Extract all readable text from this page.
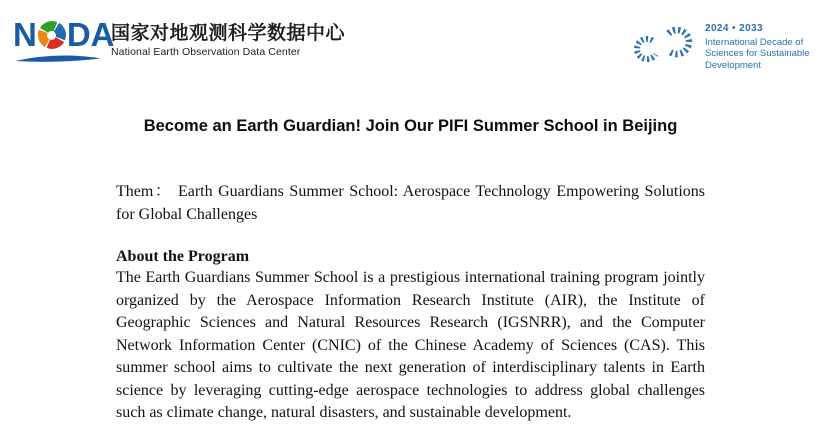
N DA
国家对地观测科学数据中心
National Earth Observation Data Center
2024 • 2033
International Decade of
Sciences for Sustainable
Development
Become an Earth Guardian! Join Our PIFI Summer School in Beijing

Them： Earth Guardians Summer School: Aerospace Technology Empowering Solutions for Global Challenges

About the Program

The Earth Guardians Summer School is a prestigious international training program jointly organized by the Aerospace Information Research Institute (AIR), the Institute of Geographic Sciences and Natural Resources Research (IGSNRR), and the Computer Network Information Center (CNIC) of the Chinese Academy of Sciences (CAS). This summer school aims to cultivate the next generation of interdisciplinary talents in Earth science by leveraging cutting-edge aerospace technologies to address global challenges such as climate change, natural disasters, and sustainable development.
